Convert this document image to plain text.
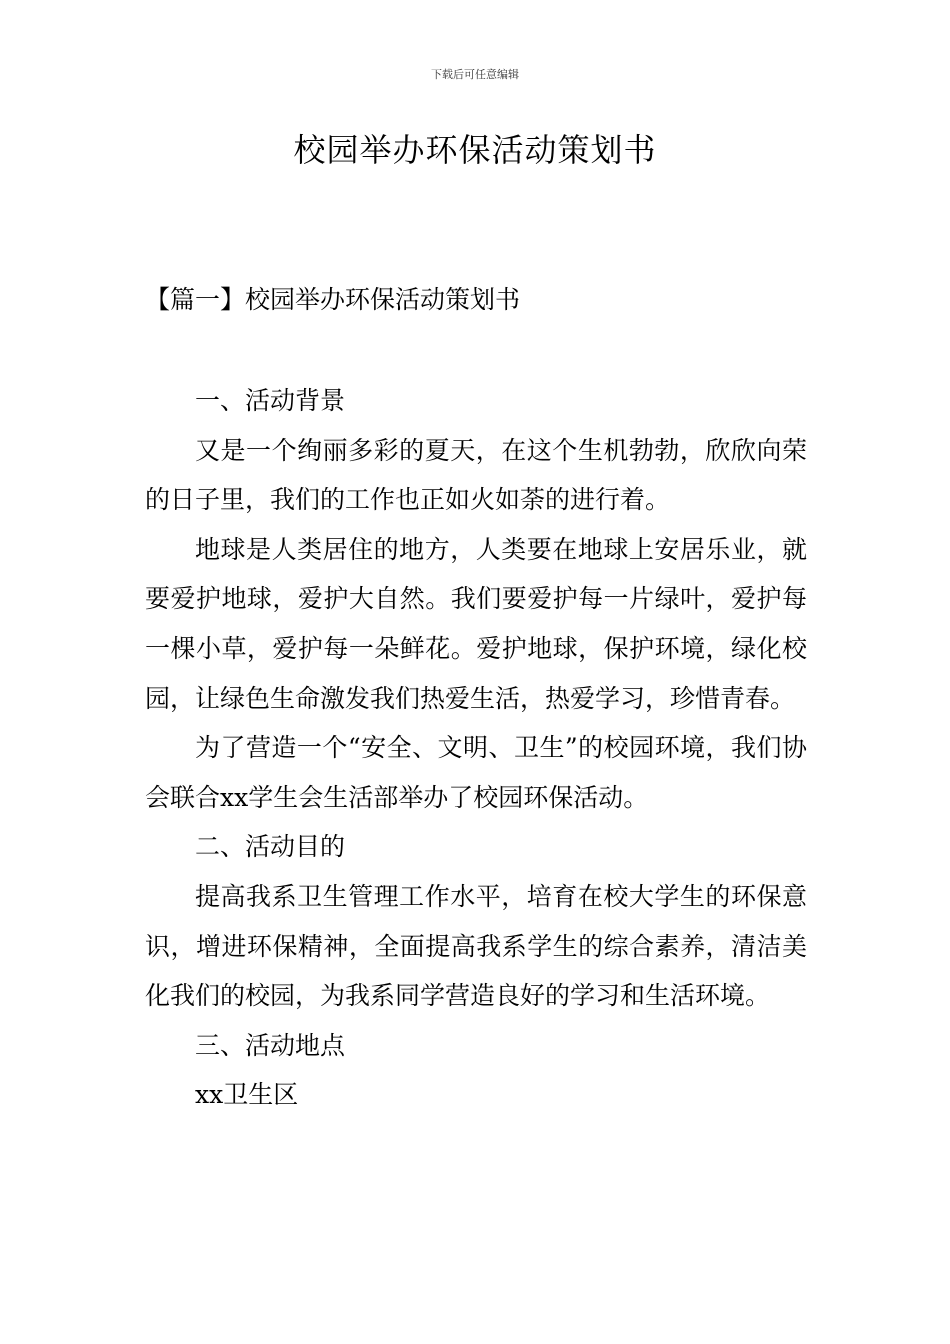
下载后可任意编辑
校园举办环保活动策划书
【篇一】校园举办环保活动策划书

一、活动背景

又是一个绚丽多彩的夏天，在这个生机勃勃，欣欣向荣的日子里，我们的工作也正如火如荼的进行着。

地球是人类居住的地方，人类要在地球上安居乐业，就要爱护地球，爱护大自然。我们要爱护每一片绿叶，爱护每一棵小草，爱护每一朵鲜花。爱护地球，保护环境，绿化校园，让绿色生命激发我们热爱生活，热爱学习，珍惜青春。

为了营造一个“安全、文明、卫生”的校园环境，我们协会联合xx学生会生活部举办了校园环保活动。

二、活动目的

提高我系卫生管理工作水平，培育在校大学生的环保意识，增进环保精神，全面提高我系学生的综合素养，清洁美化我们的校园，为我系同学营造良好的学习和生活环境。

三、活动地点

xx卫生区
